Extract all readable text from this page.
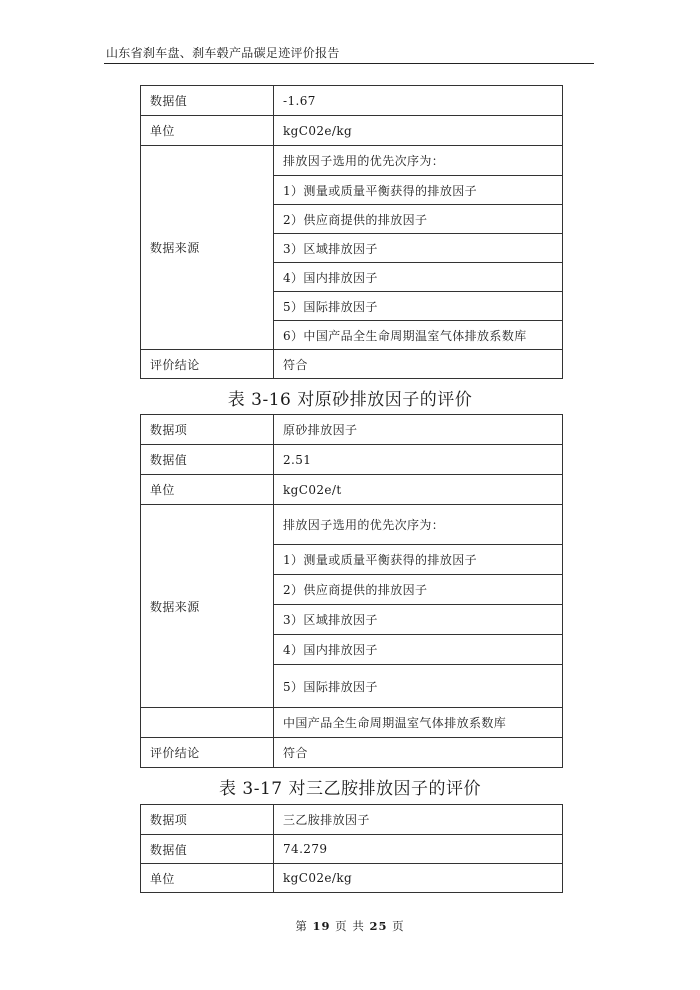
山东省刹车盘、刹车毂产品碳足迹评价报告
数据值	-1.67
单位	kgC02e/kg
数据来源	排放因子选用的优先次序为：
	1）测量或质量平衡获得的排放因子
	2）供应商提供的排放因子
	3）区域排放因子
	4）国内排放因子
	5）国际排放因子
	6）中国产品全生命周期温室气体排放系数库
评价结论	符合
表 3-16 对原砂排放因子的评价
数据项	原砂排放因子
数据值	2.51
单位	kgC02e/t
数据来源	排放因子选用的优先次序为：
	1）测量或质量平衡获得的排放因子
	2）供应商提供的排放因子
	3）区域排放因子
	4）国内排放因子
	5）国际排放因子
	中国产品全生命周期温室气体排放系数库
评价结论	符合
表 3-17 对三乙胺排放因子的评价
数据项	三乙胺排放因子
数据值	74.279
单位	kgC02e/kg
第 19 页 共 25 页
